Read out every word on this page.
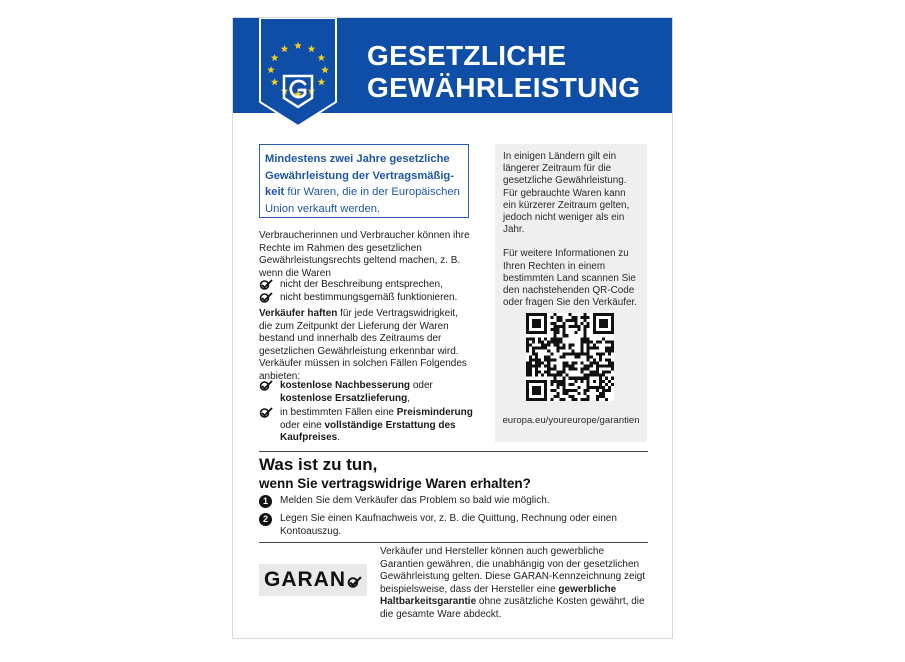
GESETZLICHE
GEWÄHRLEISTUNG
Mindestens zwei Jahre gesetzliche Gewährleistung der Vertragsmäßigkeit für Waren, die in der Europäischen Union verkauft werden.
Verbraucherinnen und Verbraucher können ihre Rechte im Rahmen des gesetzlichen Gewährleistungsrechts geltend machen, z. B. wenn die Waren
nicht der Beschreibung entsprechen,
nicht bestimmungsgemäß funktionieren.
Verkäufer haften für jede Vertragswidrigkeit, die zum Zeitpunkt der Lieferung der Waren bestand und innerhalb des Zeitraums der gesetzlichen Gewährleistung erkennbar wird. Verkäufer müssen in solchen Fällen Folgendes anbieten:
kostenlose Nachbesserung oder kostenlose Ersatzlieferung,
in bestimmten Fällen eine Preisminderung oder eine vollständige Erstattung des Kaufpreises.

In einigen Ländern gilt ein längerer Zeitraum für die gesetzliche Gewährleistung. Für gebrauchte Waren kann ein kürzerer Zeitraum gelten, jedoch nicht weniger als ein Jahr.

Für weitere Informationen zu Ihren Rechten in einem bestimmten Land scannen Sie den nachstehenden QR-Code oder fragen Sie den Verkäufer.

europa.eu/youreurope/garantien
Was ist zu tun,
wenn Sie vertragswidrige Waren erhalten?
1	Melden Sie dem Verkäufer das Problem so bald wie möglich.
2	Legen Sie einen Kaufnachweis vor, z. B. die Quittung, Rechnung oder einen Kontoauszug.
GARAN
Verkäufer und Hersteller können auch gewerbliche Garantien gewähren, die unabhängig von der gesetzlichen Gewährleistung gelten. Diese GARAN-Kennzeichnung zeigt beispielsweise, dass der Hersteller eine gewerbliche Haltbarkeitsgarantie ohne zusätzliche Kosten gewährt, die die gesamte Ware abdeckt.
